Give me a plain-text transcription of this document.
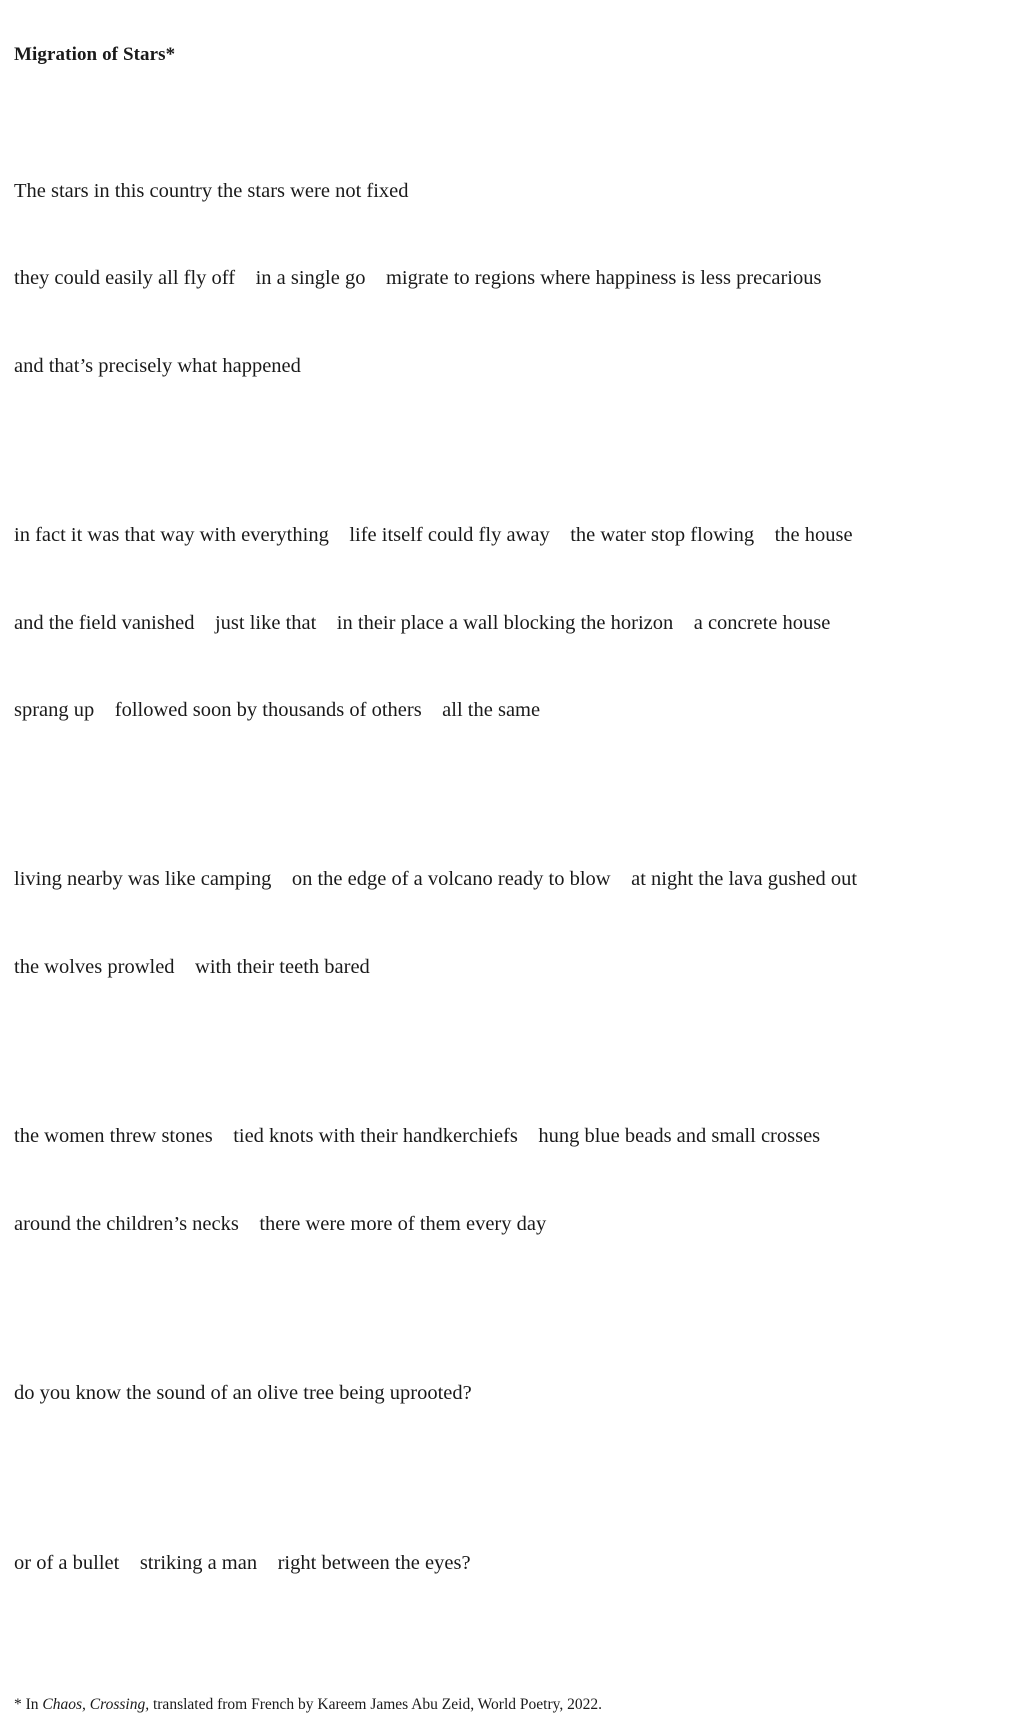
Migration of Stars*

The stars in this country the stars were not fixed

they could easily all fly off    in a single go    migrate to regions where happiness is less precarious

and that’s precisely what happened

in fact it was that way with everything    life itself could fly away    the water stop flowing    the house

and the field vanished    just like that    in their place a wall blocking the horizon    a concrete house

sprang up    followed soon by thousands of others    all the same

living nearby was like camping    on the edge of a volcano ready to blow    at night the lava gushed out

the wolves prowled    with their teeth bared

the women threw stones    tied knots with their handkerchiefs    hung blue beads and small crosses

around the children’s necks    there were more of them every day

do you know the sound of an olive tree being uprooted?

or of a bullet    striking a man    right between the eyes?

* In Chaos, Crossing, translated from French by Kareem James Abu Zeid, World Poetry, 2022.
